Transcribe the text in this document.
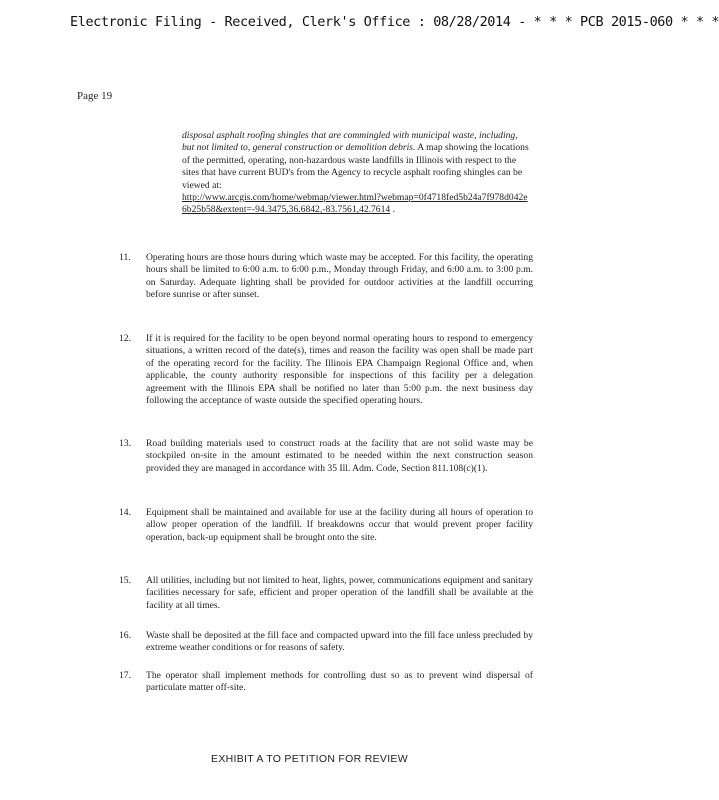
Electronic Filing - Received, Clerk's Office : 08/28/2014 - * * * PCB 2015-060 * * *
Page 19
disposal asphalt roofing shingles that are commingled with municipal waste, including, but not limited to, general construction or demolition debris. A map showing the locations of the permitted, operating, non-hazardous waste landfills in Illinois with respect to the sites that have current BUD's from the Agency to recycle asphalt roofing shingles can be viewed at:
http://www.arcgis.com/home/webmap/viewer.html?webmap=0f4718fed5b24a7f978d042e6b25b58&extent=-94.3475,36.6842,-83.7561,42.7614 .
11.	Operating hours are those hours during which waste may be accepted. For this facility, the operating hours shall be limited to 6:00 a.m. to 6:00 p.m., Monday through Friday, and 6:00 a.m. to 3:00 p.m. on Saturday. Adequate lighting shall be provided for outdoor activities at the landfill occurring before sunrise or after sunset.
12.	If it is required for the facility to be open beyond normal operating hours to respond to emergency situations, a written record of the date(s), times and reason the facility was open shall be made part of the operating record for the facility. The Illinois EPA Champaign Regional Office and, when applicable, the county authority responsible for inspections of this facility per a delegation agreement with the Illinois EPA shall be notified no later than 5:00 p.m. the next business day following the acceptance of waste outside the specified operating hours.
13.	Road building materials used to construct roads at the facility that are not solid waste may be stockpiled on-site in the amount estimated to be needed within the next construction season provided they are managed in accordance with 35 Ill. Adm. Code, Section 811.108(c)(1).
14.	Equipment shall be maintained and available for use at the facility during all hours of operation to allow proper operation of the landfill. If breakdowns occur that would prevent proper facility operation, back-up equipment shall be brought onto the site.
15.	All utilities, including but not limited to heat, lights, power, communications equipment and sanitary facilities necessary for safe, efficient and proper operation of the landfill shall be available at the facility at all times.
16.	Waste shall be deposited at the fill face and compacted upward into the fill face unless precluded by extreme weather conditions or for reasons of safety.
17.	The operator shall implement methods for controlling dust so as to prevent wind dispersal of particulate matter off-site.
EXHIBIT A TO PETITION FOR REVIEW
